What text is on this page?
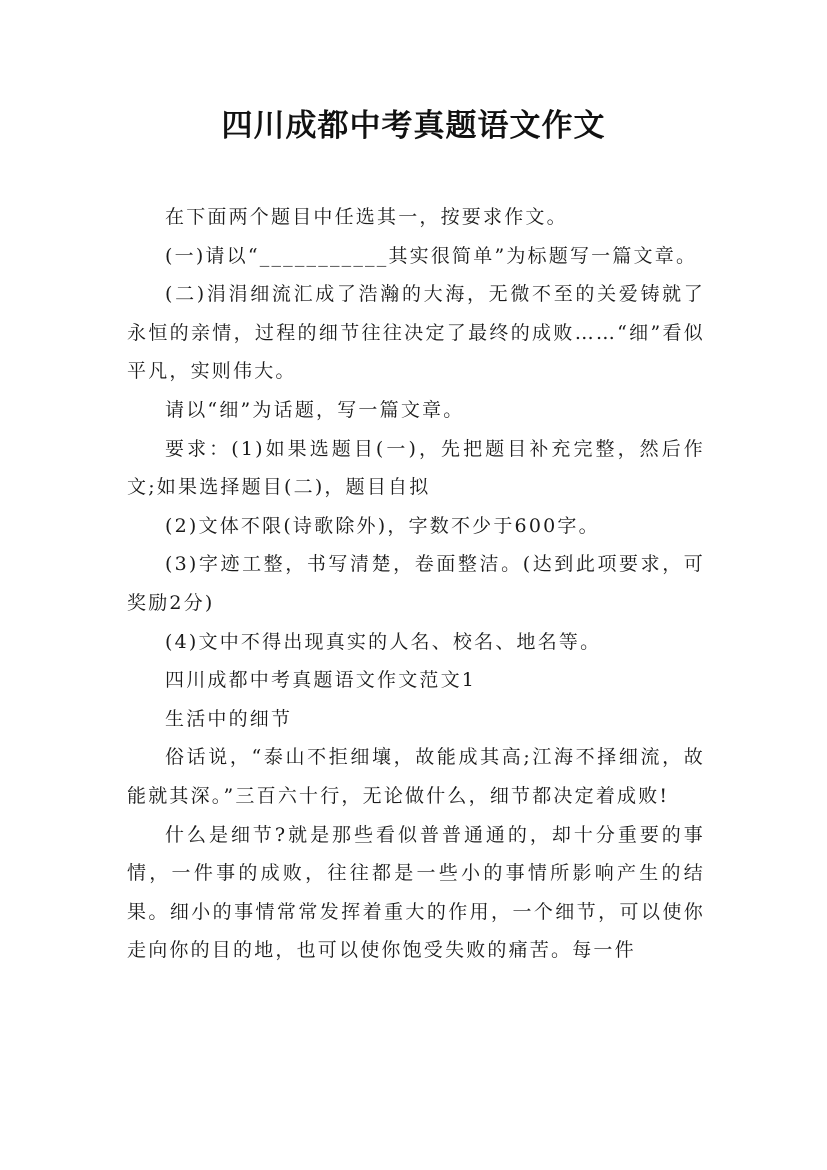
四川成都中考真题语文作文

在下面两个题目中任选其一，按要求作文。

(一)请以“___________其实很简单”为标题写一篇文章。

(二)涓涓细流汇成了浩瀚的大海，无微不至的关爱铸就了永恒的亲情，过程的细节往往决定了最终的成败……“细”看似平凡，实则伟大。

请以“细”为话题，写一篇文章。

要求：(1)如果选题目(一)，先把题目补充完整，然后作文;如果选择题目(二)，题目自拟

(2)文体不限(诗歌除外)，字数不少于600字。

(3)字迹工整，书写清楚，卷面整洁。(达到此项要求，可奖励2分)

(4)文中不得出现真实的人名、校名、地名等。

四川成都中考真题语文作文范文1

生活中的细节

俗话说，“泰山不拒细壤，故能成其高;江海不择细流，故能就其深。”三百六十行，无论做什么，细节都决定着成败!

什么是细节?就是那些看似普普通通的，却十分重要的事情，一件事的成败，往往都是一些小的事情所影响产生的结果。细小的事情常常发挥着重大的作用，一个细节，可以使你走向你的目的地，也可以使你饱受失败的痛苦。每一件
